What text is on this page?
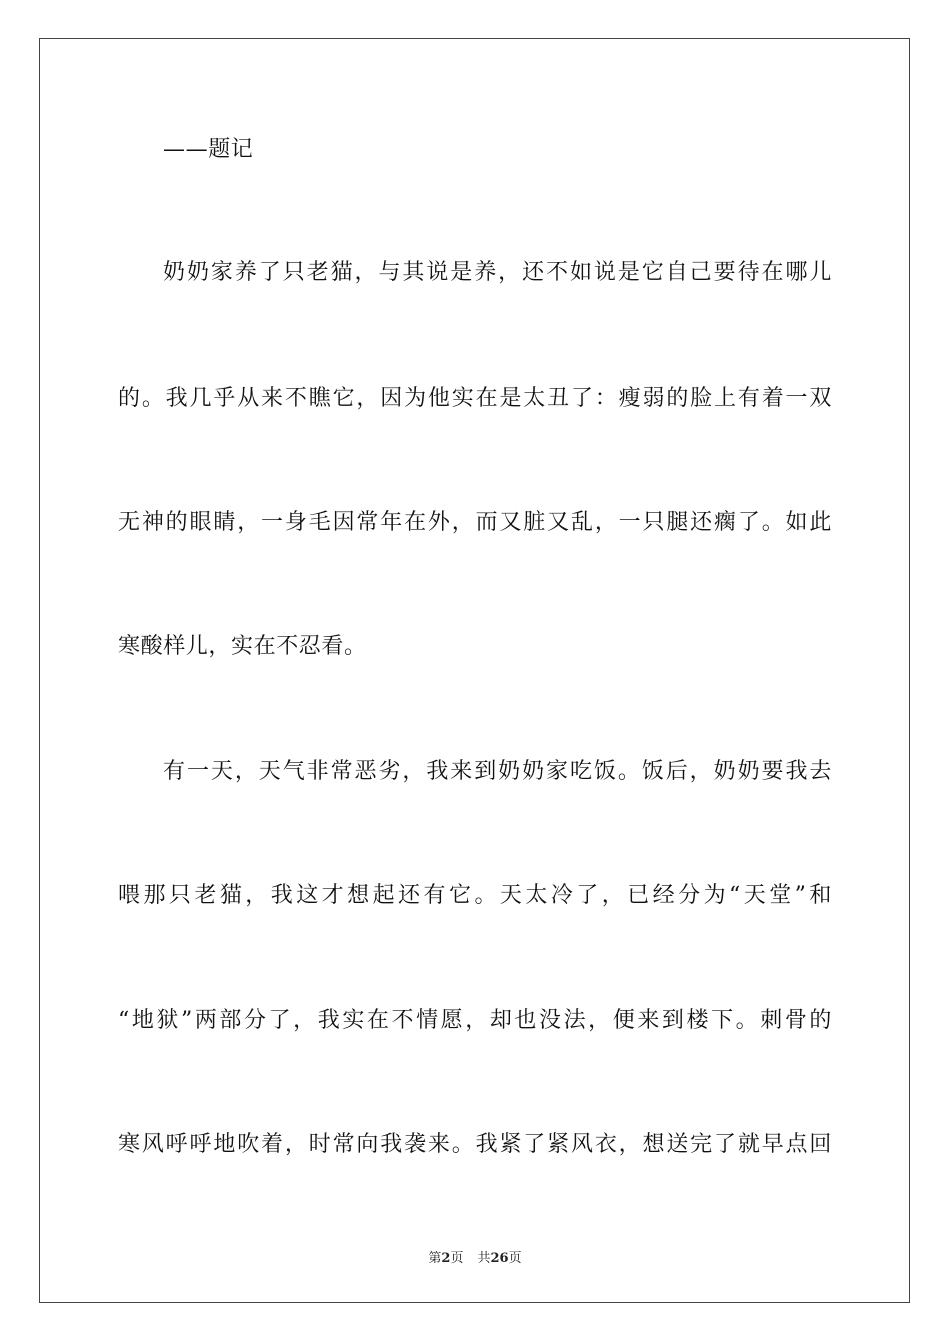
——题记
奶奶家养了只老猫，与其说是养，还不如说是它自己要待在哪儿
的。我几乎从来不瞧它，因为他实在是太丑了：瘦弱的脸上有着一双
无神的眼睛，一身毛因常年在外，而又脏又乱，一只腿还瘸了。如此
寒酸样儿，实在不忍看。
有一天，天气非常恶劣，我来到奶奶家吃饭。饭后，奶奶要我去
喂那只老猫，我这才想起还有它。天太冷了，已经分为“天堂”和
“地狱”两部分了，我实在不情愿，却也没法，便来到楼下。刺骨的
寒风呼呼地吹着，时常向我袭来。我紧了紧风衣，想送完了就早点回
第2页 共26页
